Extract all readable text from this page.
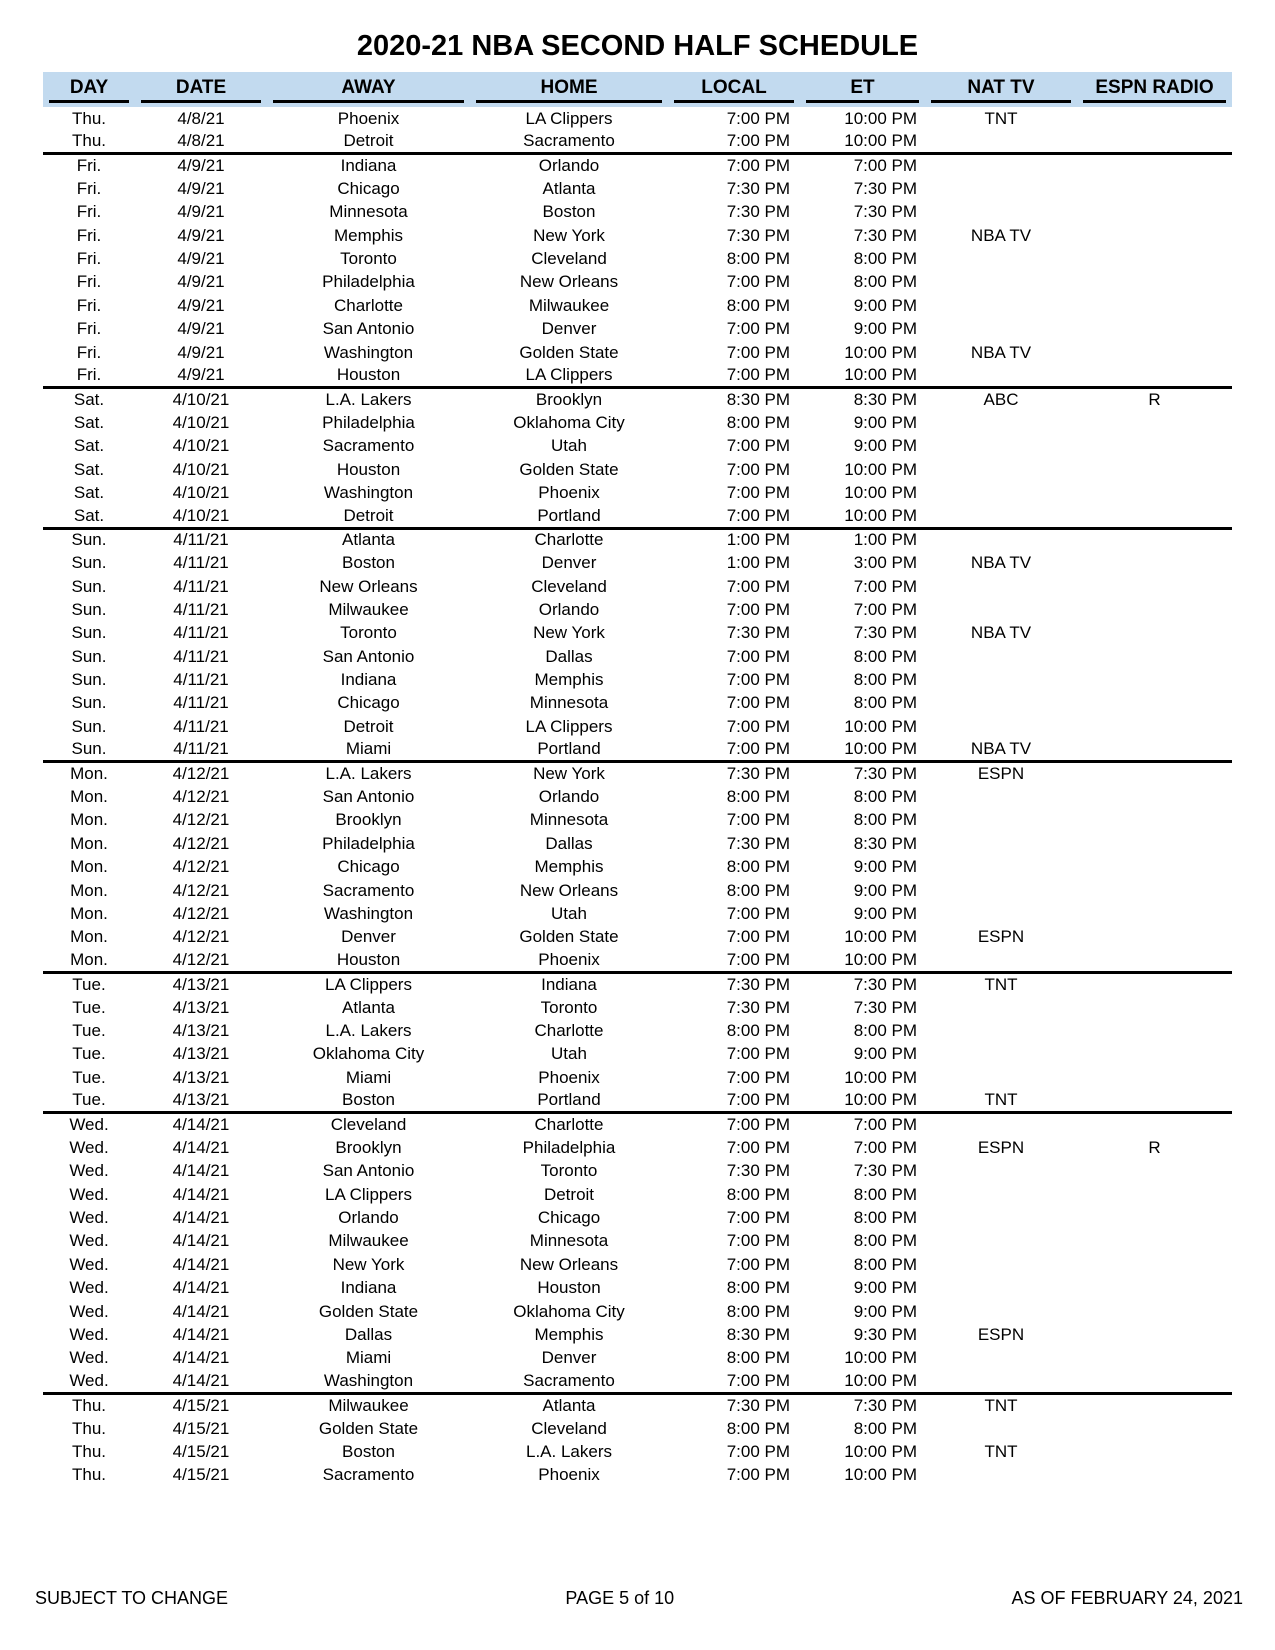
2020-21 NBA SECOND HALF SCHEDULE
DAY	DATE	AWAY	HOME	LOCAL	ET	NAT TV	ESPN RADIO

Thu.	4/8/21	Phoenix	LA Clippers	7:00 PM	10:00 PM	TNT	
Thu.	4/8/21	Detroit	Sacramento	7:00 PM	10:00 PM		
Fri.	4/9/21	Indiana	Orlando	7:00 PM	7:00 PM		
Fri.	4/9/21	Chicago	Atlanta	7:30 PM	7:30 PM		
Fri.	4/9/21	Minnesota	Boston	7:30 PM	7:30 PM		
Fri.	4/9/21	Memphis	New York	7:30 PM	7:30 PM	NBA TV	
Fri.	4/9/21	Toronto	Cleveland	8:00 PM	8:00 PM		
Fri.	4/9/21	Philadelphia	New Orleans	7:00 PM	8:00 PM		
Fri.	4/9/21	Charlotte	Milwaukee	8:00 PM	9:00 PM		
Fri.	4/9/21	San Antonio	Denver	7:00 PM	9:00 PM		
Fri.	4/9/21	Washington	Golden State	7:00 PM	10:00 PM	NBA TV	
Fri.	4/9/21	Houston	LA Clippers	7:00 PM	10:00 PM		
Sat.	4/10/21	L.A. Lakers	Brooklyn	8:30 PM	8:30 PM	ABC	R
Sat.	4/10/21	Philadelphia	Oklahoma City	8:00 PM	9:00 PM		
Sat.	4/10/21	Sacramento	Utah	7:00 PM	9:00 PM		
Sat.	4/10/21	Houston	Golden State	7:00 PM	10:00 PM		
Sat.	4/10/21	Washington	Phoenix	7:00 PM	10:00 PM		
Sat.	4/10/21	Detroit	Portland	7:00 PM	10:00 PM		
Sun.	4/11/21	Atlanta	Charlotte	1:00 PM	1:00 PM		
Sun.	4/11/21	Boston	Denver	1:00 PM	3:00 PM	NBA TV	
Sun.	4/11/21	New Orleans	Cleveland	7:00 PM	7:00 PM		
Sun.	4/11/21	Milwaukee	Orlando	7:00 PM	7:00 PM		
Sun.	4/11/21	Toronto	New York	7:30 PM	7:30 PM	NBA TV	
Sun.	4/11/21	San Antonio	Dallas	7:00 PM	8:00 PM		
Sun.	4/11/21	Indiana	Memphis	7:00 PM	8:00 PM		
Sun.	4/11/21	Chicago	Minnesota	7:00 PM	8:00 PM		
Sun.	4/11/21	Detroit	LA Clippers	7:00 PM	10:00 PM		
Sun.	4/11/21	Miami	Portland	7:00 PM	10:00 PM	NBA TV	
Mon.	4/12/21	L.A. Lakers	New York	7:30 PM	7:30 PM	ESPN	
Mon.	4/12/21	San Antonio	Orlando	8:00 PM	8:00 PM		
Mon.	4/12/21	Brooklyn	Minnesota	7:00 PM	8:00 PM		
Mon.	4/12/21	Philadelphia	Dallas	7:30 PM	8:30 PM		
Mon.	4/12/21	Chicago	Memphis	8:00 PM	9:00 PM		
Mon.	4/12/21	Sacramento	New Orleans	8:00 PM	9:00 PM		
Mon.	4/12/21	Washington	Utah	7:00 PM	9:00 PM		
Mon.	4/12/21	Denver	Golden State	7:00 PM	10:00 PM	ESPN	
Mon.	4/12/21	Houston	Phoenix	7:00 PM	10:00 PM		
Tue.	4/13/21	LA Clippers	Indiana	7:30 PM	7:30 PM	TNT	
Tue.	4/13/21	Atlanta	Toronto	7:30 PM	7:30 PM		
Tue.	4/13/21	L.A. Lakers	Charlotte	8:00 PM	8:00 PM		
Tue.	4/13/21	Oklahoma City	Utah	7:00 PM	9:00 PM		
Tue.	4/13/21	Miami	Phoenix	7:00 PM	10:00 PM		
Tue.	4/13/21	Boston	Portland	7:00 PM	10:00 PM	TNT	
Wed.	4/14/21	Cleveland	Charlotte	7:00 PM	7:00 PM		
Wed.	4/14/21	Brooklyn	Philadelphia	7:00 PM	7:00 PM	ESPN	R
Wed.	4/14/21	San Antonio	Toronto	7:30 PM	7:30 PM		
Wed.	4/14/21	LA Clippers	Detroit	8:00 PM	8:00 PM		
Wed.	4/14/21	Orlando	Chicago	7:00 PM	8:00 PM		
Wed.	4/14/21	Milwaukee	Minnesota	7:00 PM	8:00 PM		
Wed.	4/14/21	New York	New Orleans	7:00 PM	8:00 PM		
Wed.	4/14/21	Indiana	Houston	8:00 PM	9:00 PM		
Wed.	4/14/21	Golden State	Oklahoma City	8:00 PM	9:00 PM		
Wed.	4/14/21	Dallas	Memphis	8:30 PM	9:30 PM	ESPN	
Wed.	4/14/21	Miami	Denver	8:00 PM	10:00 PM		
Wed.	4/14/21	Washington	Sacramento	7:00 PM	10:00 PM		
Thu.	4/15/21	Milwaukee	Atlanta	7:30 PM	7:30 PM	TNT	
Thu.	4/15/21	Golden State	Cleveland	8:00 PM	8:00 PM		
Thu.	4/15/21	Boston	L.A. Lakers	7:00 PM	10:00 PM	TNT	
Thu.	4/15/21	Sacramento	Phoenix	7:00 PM	10:00 PM		
SUBJECT TO CHANGE	PAGE 5 of 10	AS OF FEBRUARY 24, 2021
